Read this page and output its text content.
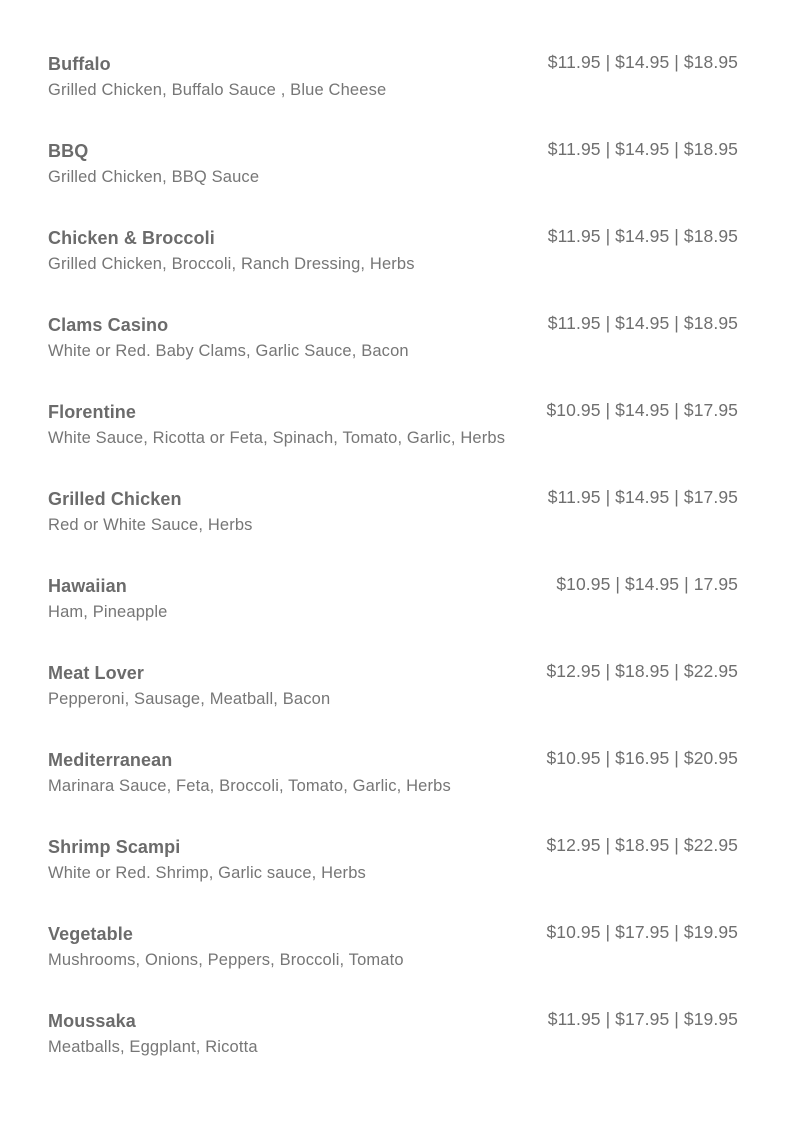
Buffalo	$11.95 | $14.95 | $18.95
Grilled Chicken, Buffalo Sauce , Blue Cheese
BBQ	$11.95 | $14.95 | $18.95
Grilled Chicken, BBQ Sauce
Chicken & Broccoli	$11.95 | $14.95 | $18.95
Grilled Chicken, Broccoli, Ranch Dressing, Herbs
Clams Casino	$11.95 | $14.95 | $18.95
White or Red. Baby Clams, Garlic Sauce, Bacon
Florentine	$10.95 | $14.95 | $17.95
White Sauce, Ricotta or Feta, Spinach, Tomato, Garlic, Herbs
Grilled Chicken	$11.95 | $14.95 | $17.95
Red or White Sauce, Herbs
Hawaiian	$10.95 | $14.95 | 17.95
Ham, Pineapple
Meat Lover	$12.95 | $18.95 | $22.95
Pepperoni, Sausage, Meatball, Bacon
Mediterranean	$10.95 | $16.95 | $20.95
Marinara Sauce, Feta, Broccoli, Tomato, Garlic, Herbs
Shrimp Scampi	$12.95 | $18.95 | $22.95
White or Red. Shrimp, Garlic sauce, Herbs
Vegetable	$10.95 | $17.95 | $19.95
Mushrooms, Onions, Peppers, Broccoli, Tomato
Moussaka	$11.95 | $17.95 | $19.95
Meatballs, Eggplant, Ricotta
